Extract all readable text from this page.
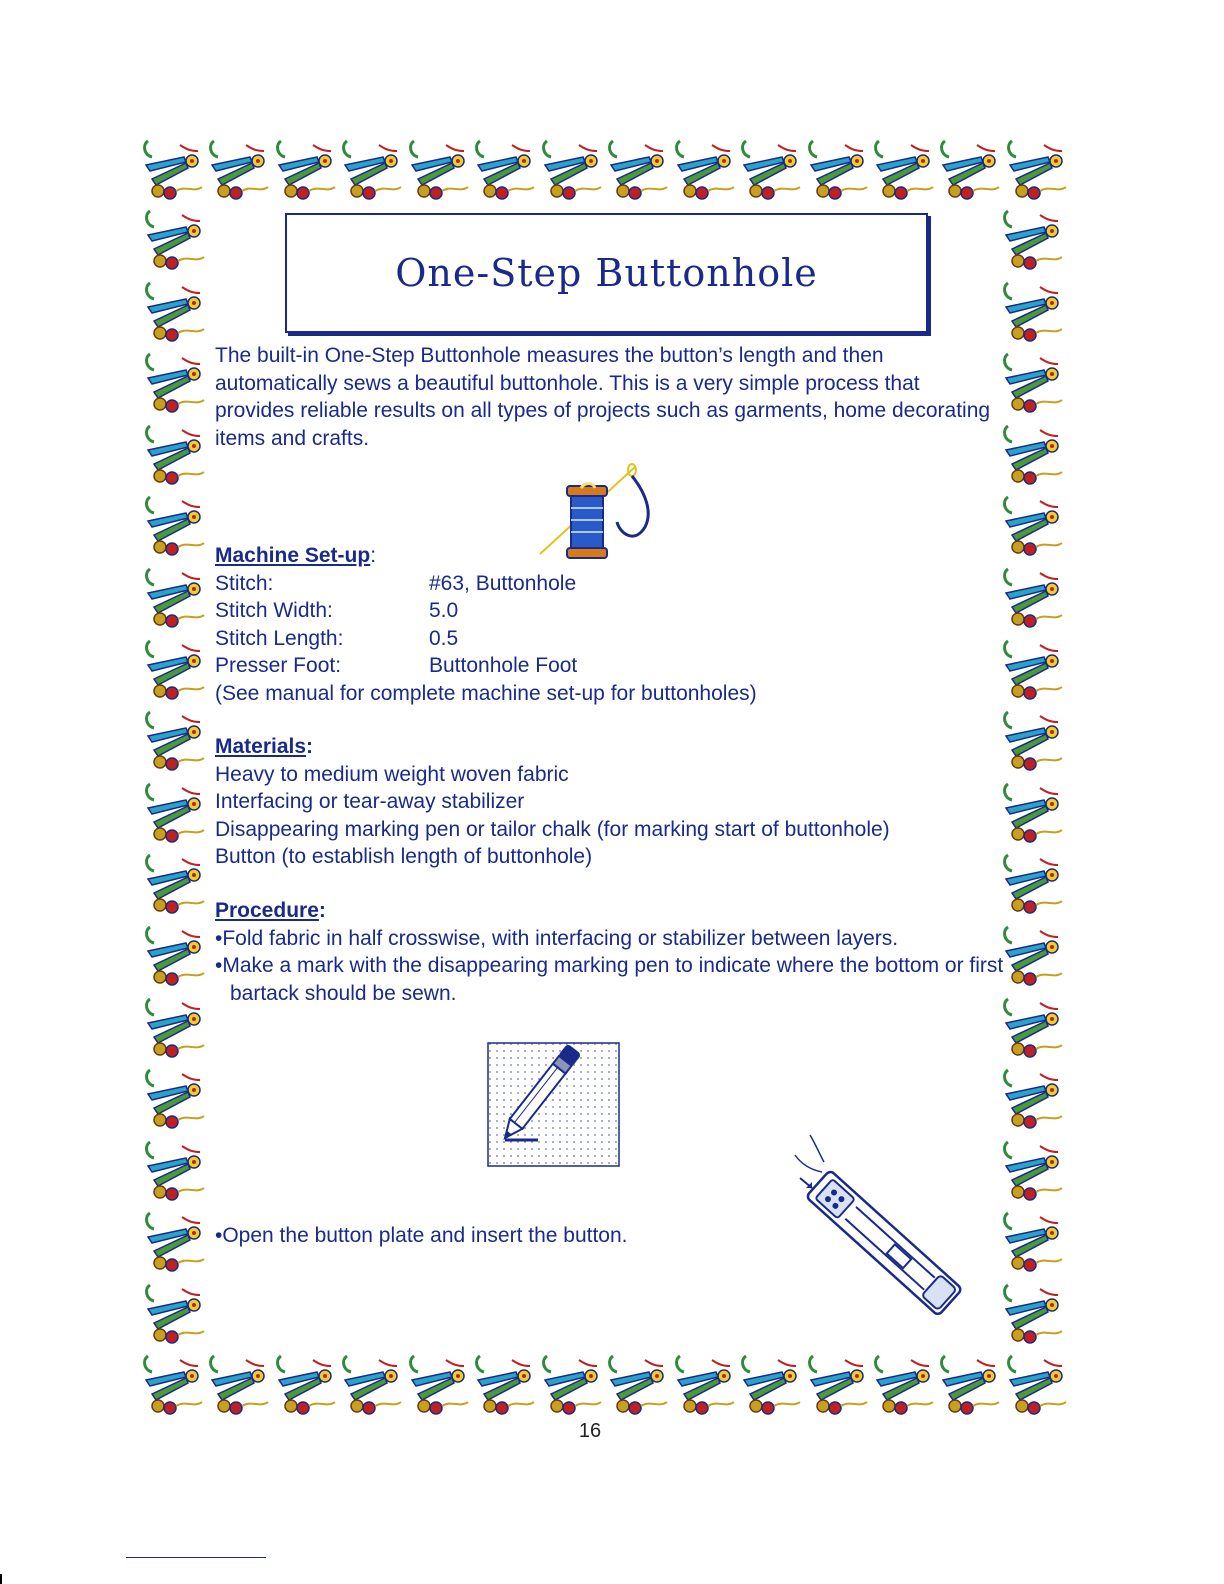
One-Step Buttonhole
The built-in One-Step Buttonhole measures the button’s length and then automatically sews a beautiful buttonhole. This is a very simple process that provides reliable results on all types of projects such as garments, home decorating items and crafts.
Machine Set-up:
Stitch:	#63, Buttonhole
Stitch Width:	5.0
Stitch Length:	0.5
Presser Foot:	Buttonhole Foot
(See manual for complete machine set-up for buttonholes)
Materials:
Heavy to medium weight woven fabric
Interfacing or tear-away stabilizer
Disappearing marking pen or tailor chalk (for marking start of buttonhole)
Button (to establish length of buttonhole)
Procedure:
•Fold fabric in half crosswise, with interfacing or stabilizer between layers.
•Make a mark with the disappearing marking pen to indicate where the bottom or first bartack should be sewn.
•Open the button plate and insert the button.
16
